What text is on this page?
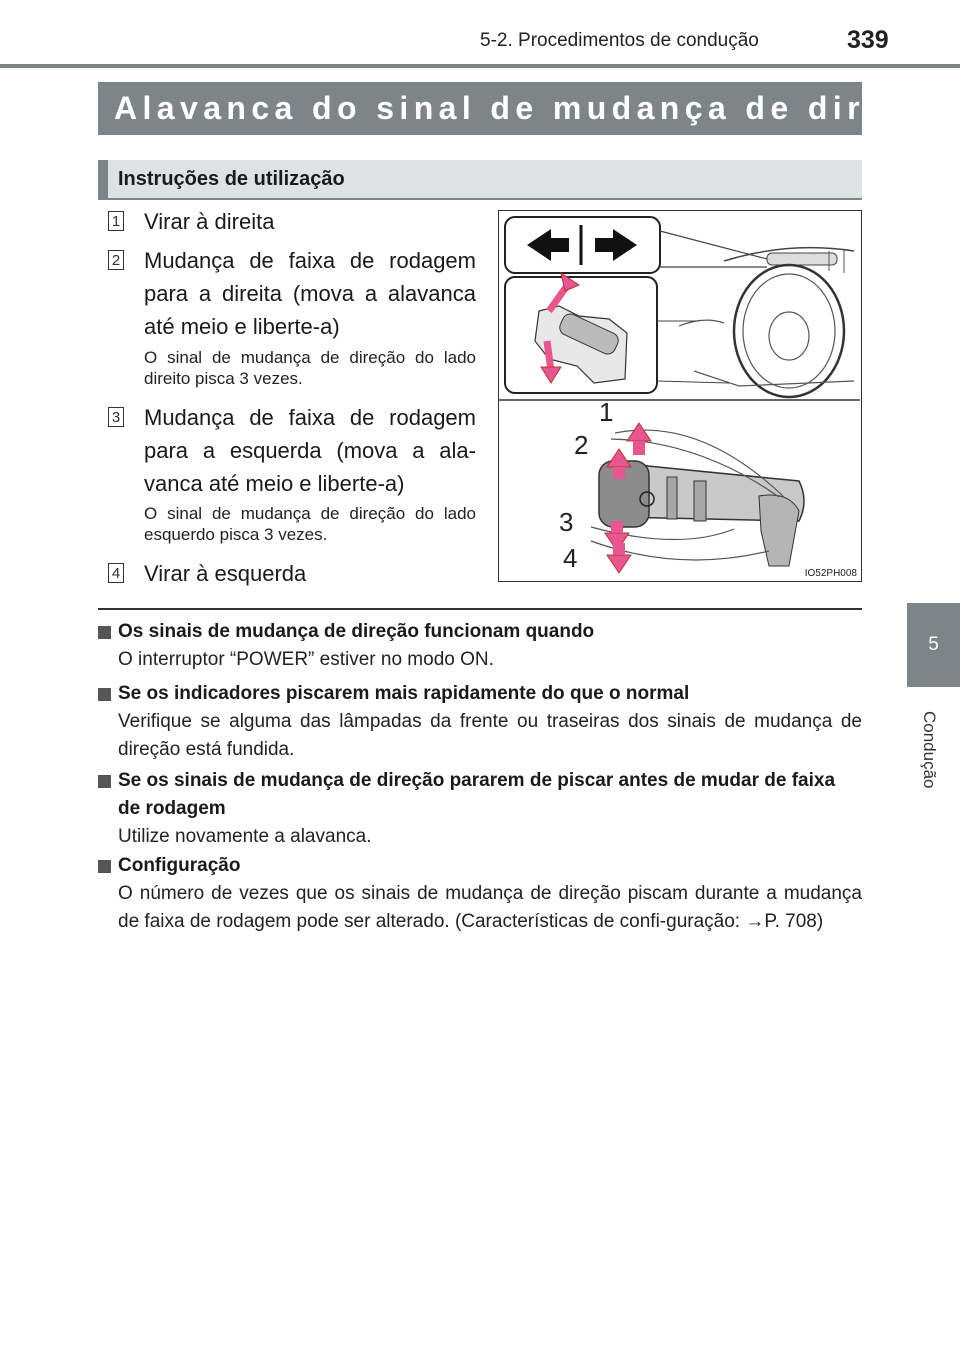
5-2. Procedimentos de condução	339
5
Condução
Alavanca do sinal de mudança de direção
Instruções de utilização
1 Virar à direita
2 Mudança de faixa de rodagem para a direita (mova a alavanca até meio e liberte-a)
O sinal de mudança de direção do lado direito pisca 3 vezes.
3 Mudança de faixa de rodagem para a esquerda (mova a ala-vanca até meio e liberte-a)
O sinal de mudança de direção do lado esquerdo pisca 3 vezes.
4 Virar à esquerda
1
2
3
4
IO52PH008
Os sinais de mudança de direção funcionam quando
O interruptor “POWER” estiver no modo ON.
Se os indicadores piscarem mais rapidamente do que o normal
Verifique se alguma das lâmpadas da frente ou traseiras dos sinais de mudança de direção está fundida.
Se os sinais de mudança de direção pararem de piscar antes de mudar de faixa de rodagem
Utilize novamente a alavanca.
Configuração
O número de vezes que os sinais de mudança de direção piscam durante a mudança de faixa de rodagem pode ser alterado. (Características de confi-guração: →P. 708)
